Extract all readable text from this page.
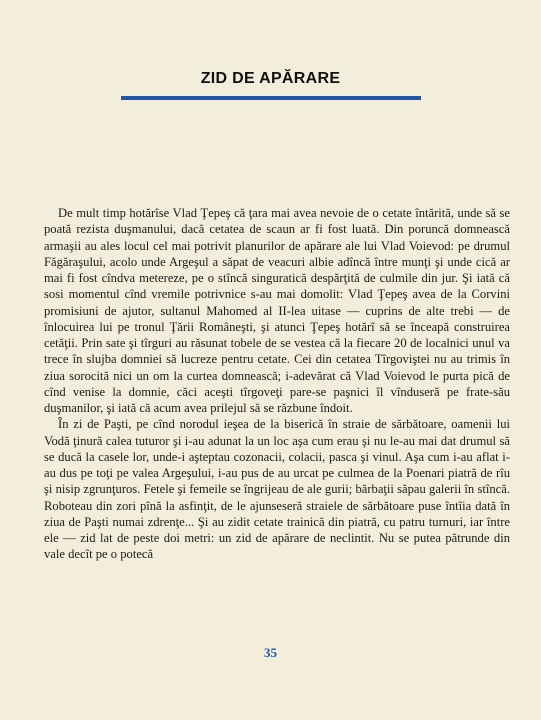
ZID DE APĂRARE

De mult timp hotărîse Vlad Ţepeş că ţara mai avea nevoie de o cetate întărită, unde să se poată rezista duşmanului, dacă cetatea de scaun ar fi fost luată. Din poruncă domnească armaşii au ales locul cel mai potrivit planurilor de apărare ale lui Vlad Voievod: pe drumul Făgăraşului, acolo unde Argeşul a săpat de veacuri albie adîncă între munţi şi unde cică ar mai fi fost cîndva metereze, pe o stîncă singuratică despărţită de culmile din jur. Şi iată că sosi momentul cînd vremile potrivnice s-au mai domolit: Vlad Ţepeş avea de la Corvini promisiuni de ajutor, sultanul Mahomed al II-lea uitase — cuprins de alte trebi — de înlocuirea lui pe tronul Ţării Româneşti, şi atunci Ţepeş hotărî să se înceapă construirea cetăţii. Prin sate şi tîrguri au răsunat tobele de se vestea că la fiecare 20 de localnici unul va trece în slujba domniei să lucreze pentru cetate. Cei din cetatea Tîrgoviştei nu au trimis în ziua sorocită nici un om la curtea domnească; i-adevărat că Vlad Voievod le purta pică de cînd venise la domnie, căci aceşti tîrgoveţi pare-se paşnici îl vînduseră pe frate-său duşmanilor, şi iată că acum avea prilejul să se răzbune îndoit.

În zi de Paşti, pe cînd norodul ieşea de la biserică în straie de sărbătoare, oamenii lui Vodă ţinură calea tuturor şi i-au adunat la un loc aşa cum erau şi nu le-au mai dat drumul să se ducă la casele lor, unde-i aşteptau cozonacii, colacii, pasca şi vinul. Aşa cum i-au aflat i-au dus pe toţi pe valea Argeşului, i-au pus de au urcat pe culmea de la Poenari piatră de rîu şi nisip zgrunţuros. Fetele şi femeile se îngrijeau de ale gurii; bărbaţii săpau galerii în stîncă. Roboteau din zori pînă la asfinţit, de le ajunseseră straiele de sărbătoare puse întîia dată în ziua de Paşti numai zdrenţe... Şi au zidit cetate trainică din piatră, cu patru turnuri, iar între ele — zid lat de peste doi metri: un zid de apărare de neclintit. Nu se putea pătrunde din vale decît pe o potecă

35
